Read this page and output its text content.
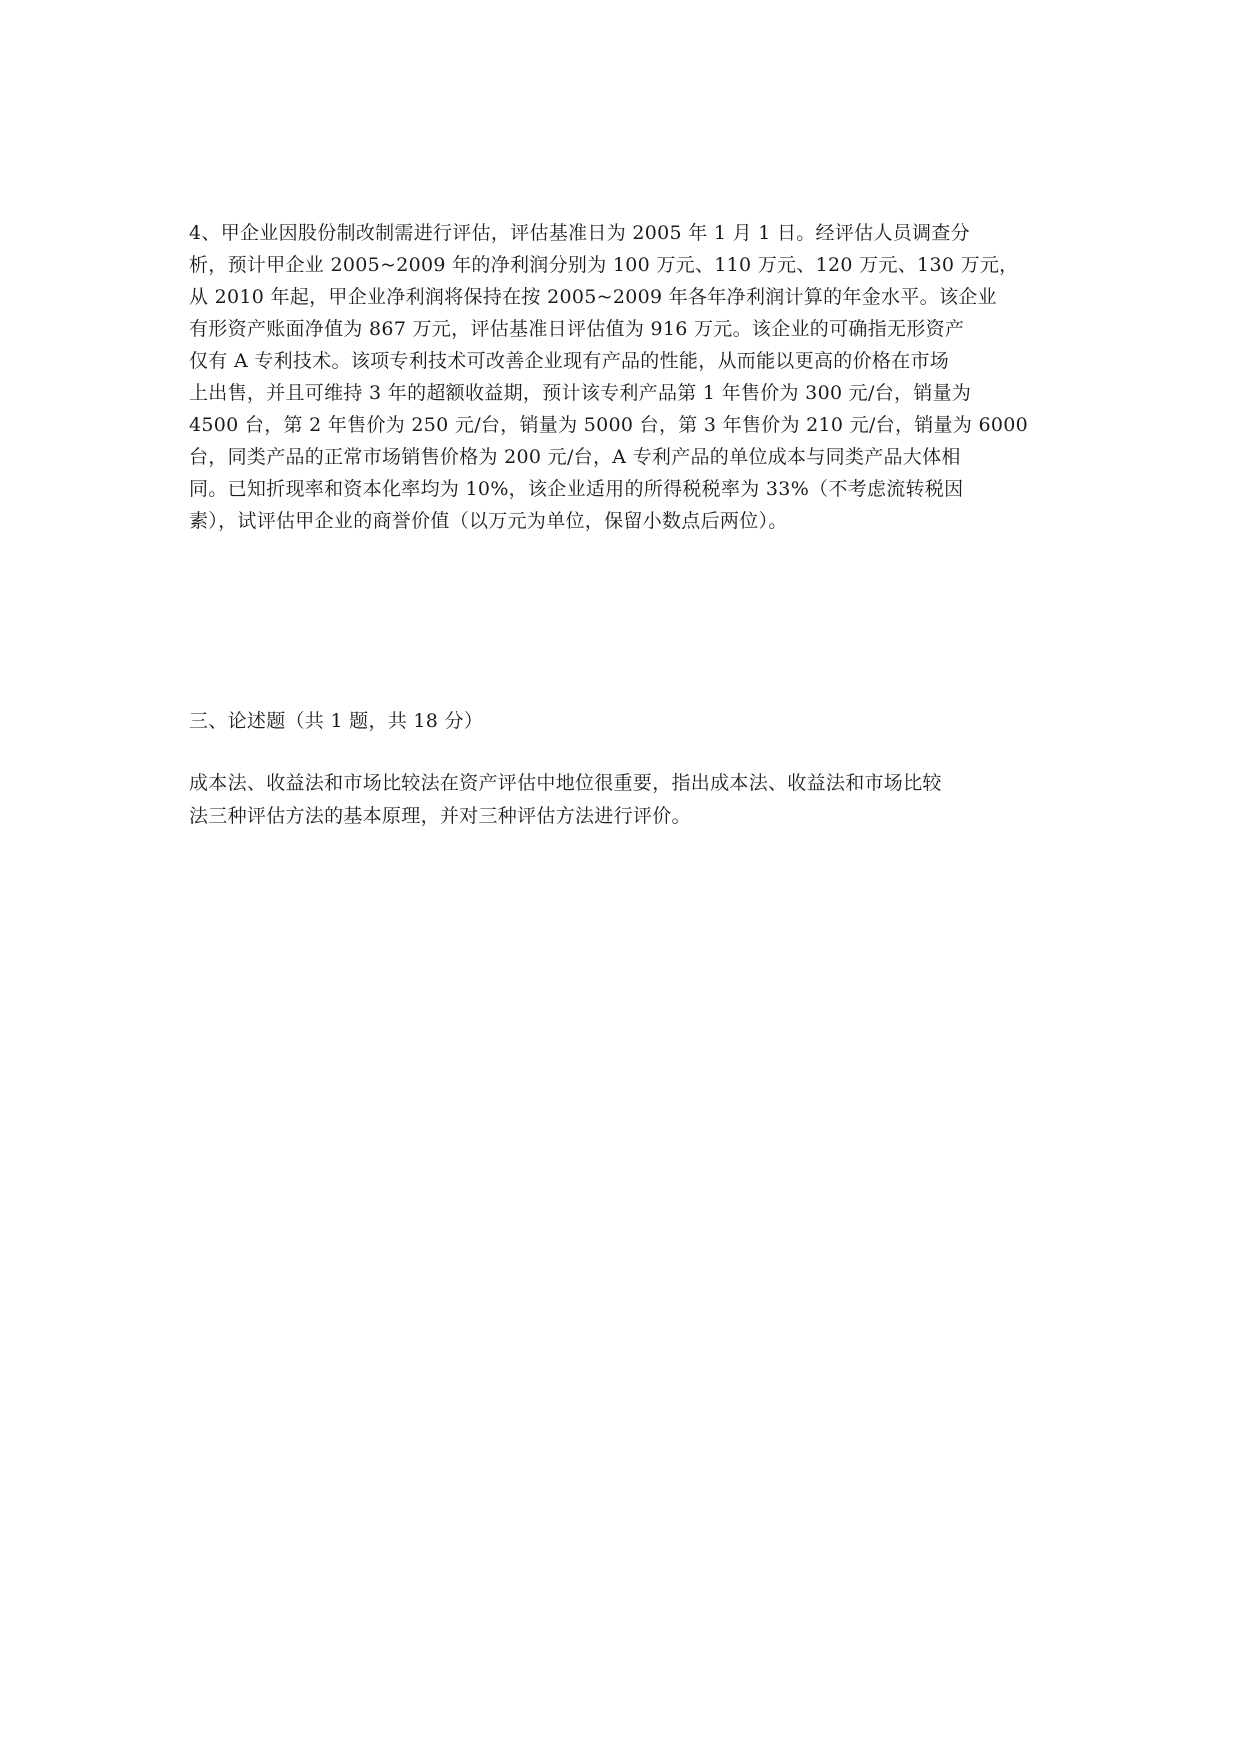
4、甲企业因股份制改制需进行评估，评估基准日为 2005 年 1 月 1 日。经评估人员调查分
析，预计甲企业 2005~2009 年的净利润分别为 100 万元、110 万元、120 万元、130 万元，
从 2010 年起，甲企业净利润将保持在按 2005~2009 年各年净利润计算的年金水平。该企业
有形资产账面净值为 867 万元，评估基准日评估值为 916 万元。该企业的可确指无形资产
仅有 A 专利技术。该项专利技术可改善企业现有产品的性能，从而能以更高的价格在市场
上出售，并且可维持 3 年的超额收益期，预计该专利产品第 1 年售价为 300 元/台，销量为
4500 台，第 2 年售价为 250 元/台，销量为 5000 台，第 3 年售价为 210 元/台，销量为 6000
台，同类产品的正常市场销售价格为 200 元/台，A 专利产品的单位成本与同类产品大体相
同。已知折现率和资本化率均为 10%，该企业适用的所得税税率为 33%（不考虑流转税因
素），试评估甲企业的商誉价值（以万元为单位，保留小数点后两位）。
三、论述题（共 1 题，共 18 分）
成本法、收益法和市场比较法在资产评估中地位很重要，指出成本法、收益法和市场比较
法三种评估方法的基本原理，并对三种评估方法进行评价。
